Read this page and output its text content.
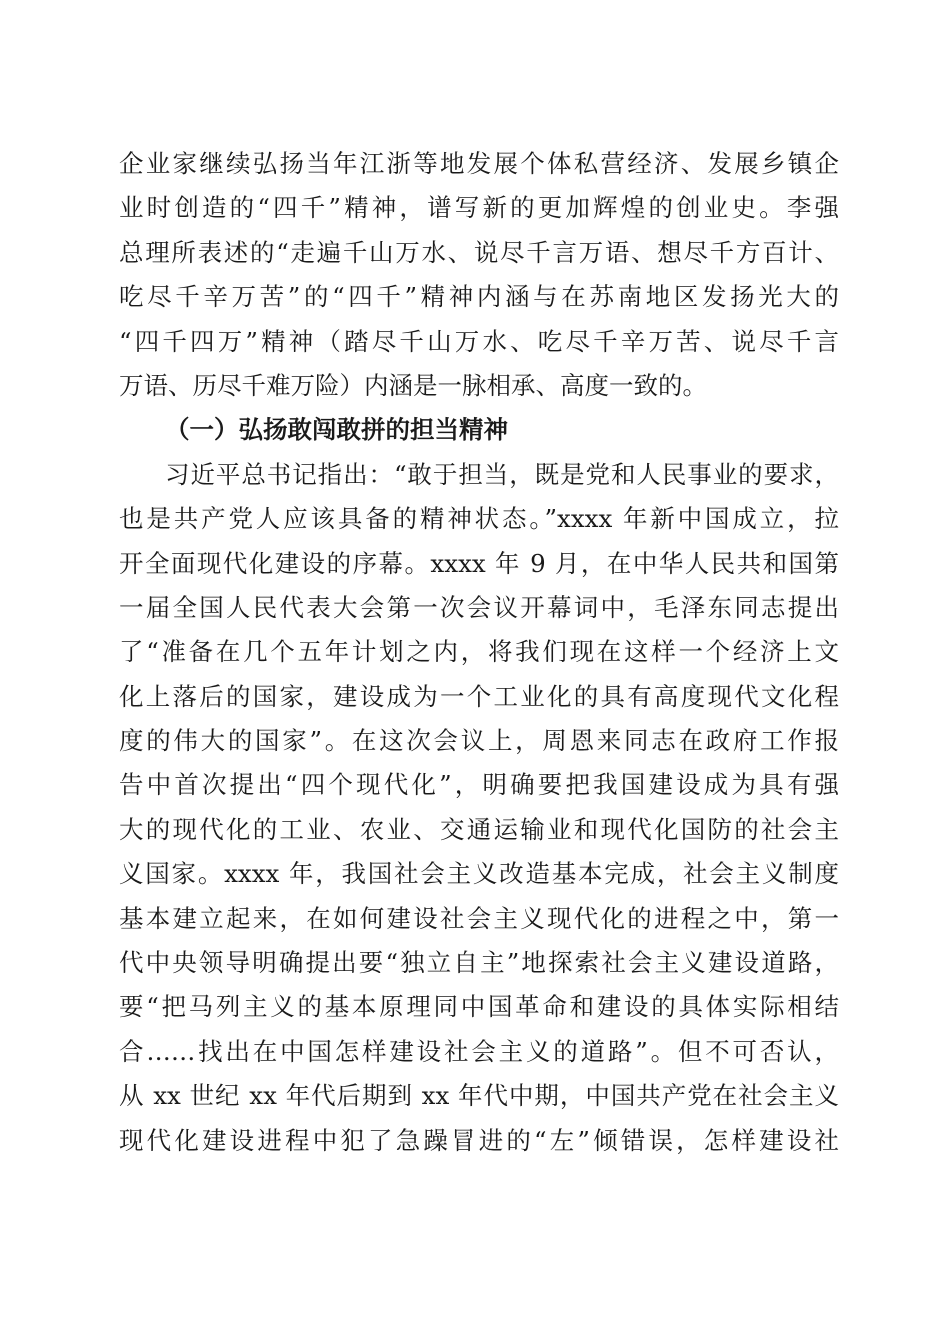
企业家继续弘扬当年江浙等地发展个体私营经济、发展乡镇企
业时创造的“四千”精神，谱写新的更加辉煌的创业史。李强
总理所表述的“走遍千山万水、说尽千言万语、想尽千方百计、
吃尽千辛万苦”的“四千”精神内涵与在苏南地区发扬光大的
“四千四万”精神（踏尽千山万水、吃尽千辛万苦、说尽千言
万语、历尽千难万险）内涵是一脉相承、高度一致的。
（一）弘扬敢闯敢拼的担当精神
习近平总书记指出：“敢于担当，既是党和人民事业的要求，
也是共产党人应该具备的精神状态。”xxxx 年新中国成立，拉
开全面现代化建设的序幕。xxxx 年 9 月，在中华人民共和国第
一届全国人民代表大会第一次会议开幕词中，毛泽东同志提出
了“准备在几个五年计划之内，将我们现在这样一个经济上文
化上落后的国家，建设成为一个工业化的具有高度现代文化程
度的伟大的国家”。在这次会议上，周恩来同志在政府工作报
告中首次提出“四个现代化”，明确要把我国建设成为具有强
大的现代化的工业、农业、交通运输业和现代化国防的社会主
义国家。xxxx 年，我国社会主义改造基本完成，社会主义制度
基本建立起来，在如何建设社会主义现代化的进程之中，第一
代中央领导明确提出要“独立自主”地探索社会主义建设道路，
要“把马列主义的基本原理同中国革命和建设的具体实际相结
合……找出在中国怎样建设社会主义的道路”。但不可否认，
从 xx 世纪 xx 年代后期到 xx 年代中期，中国共产党在社会主义
现代化建设进程中犯了急躁冒进的“左”倾错误，怎样建设社
